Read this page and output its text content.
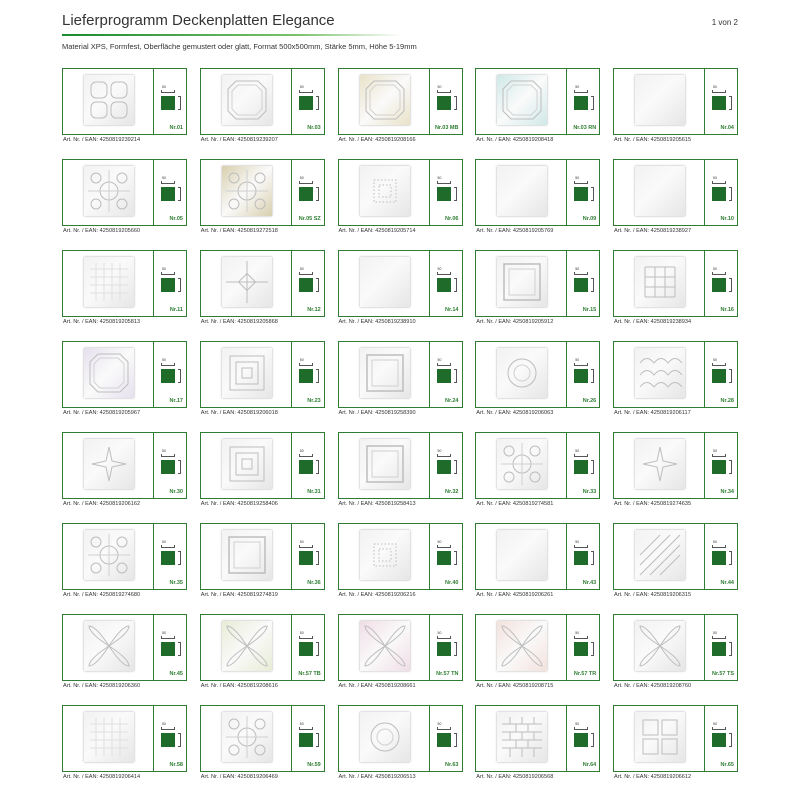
Lieferprogramm Deckenplatten Elegance	1 von 2
Material XPS, Formfest, Oberfläche gemustert oder glatt, Format 500x500mm, Stärke 5mm, Höhe 5-19mm
50
Nr.01
Art. Nr. / EAN: 4250819239214
50
Nr.03
Art. Nr. / EAN: 4250819239207
50
Nr.03 MB
Art. Nr. / EAN: 4250819208166
50
Nr.03 RN
Art. Nr. / EAN: 4250819208418
50
Nr.04
Art. Nr. / EAN: 4250819205615
50
Nr.05
Art. Nr. / EAN: 4250819205660
50
Nr.05 SZ
Art. Nr. / EAN: 4250819272518
50
Nr.06
Art. Nr. / EAN: 4250819205714
50
Nr.09
Art. Nr. / EAN: 4250819205769
50
Nr.10
Art. Nr. / EAN: 4250819238927
50
Nr.11
Art. Nr. / EAN: 4250819205813
50
Nr.12
Art. Nr. / EAN: 4250819205868
50
Nr.14
Art. Nr. / EAN: 4250819238910
50
Nr.15
Art. Nr. / EAN: 4250819205912
50
Nr.16
Art. Nr. / EAN: 4250819238934
50
Nr.17
Art. Nr. / EAN: 4250819205967
50
Nr.23
Art. Nr. / EAN: 4250819206018
50
Nr.24
Art. Nr. / EAN: 4250819258390
50
Nr.26
Art. Nr. / EAN: 4250819206063
50
Nr.28
Art. Nr. / EAN: 4250819206117
50
Nr.30
Art. Nr. / EAN: 4250819206162
50
Nr.31
Art. Nr. / EAN: 4250819258406
50
Nr.32
Art. Nr. / EAN: 4250819258413
50
Nr.33
Art. Nr. / EAN: 4250819274581
50
Nr.34
Art. Nr. / EAN: 4250819274635
50
Nr.35
Art. Nr. / EAN: 4250819274680
50
Nr.36
Art. Nr. / EAN: 4250819274819
50
Nr.40
Art. Nr. / EAN: 4250819206216
50
Nr.43
Art. Nr. / EAN: 4250819206261
50
Nr.44
Art. Nr. / EAN: 4250819206315
50
Nr.45
Art. Nr. / EAN: 4250819206360
50
Nr.57 TB
Art. Nr. / EAN: 4250819208616
50
Nr.57 TN
Art. Nr. / EAN: 4250819208661
50
Nr.57 TR
Art. Nr. / EAN: 4250819208715
50
Nr.57 TS
Art. Nr. / EAN: 4250819208760
50
Nr.58
Art. Nr. / EAN: 4250819206414
50
Nr.59
Art. Nr. / EAN: 4250819206469
50
Nr.63
Art. Nr. / EAN: 4250819206513
50
Nr.64
Art. Nr. / EAN: 4250819206568
50
Nr.65
Art. Nr. / EAN: 4250819206612
